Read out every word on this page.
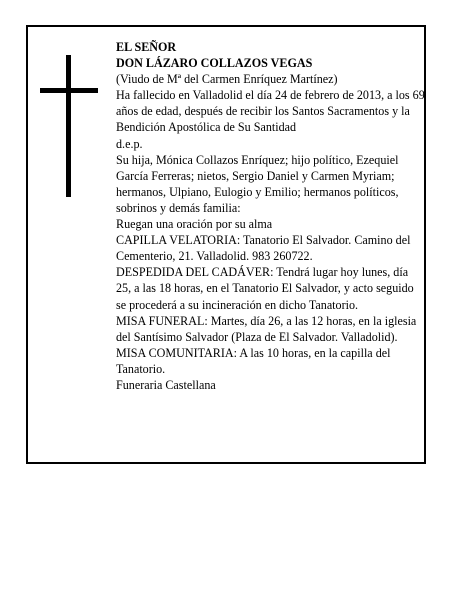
EL SEÑOR

DON LÁZARO COLLAZOS VEGAS

(Viudo de Mª del Carmen Enríquez Martínez)

Ha fallecido en Valladolid el día 24 de febrero de 2013, a los 69 años de edad, después de recibir los Santos Sacramentos y la Bendición Apostólica de Su Santidad

d.e.p.

Su hija, Mónica Collazos Enríquez; hijo político, Ezequiel García Ferreras; nietos, Sergio Daniel y Carmen Myriam; hermanos, Ulpiano, Eulogio y Emilio; hermanos políticos, sobrinos y demás familia:

Ruegan una oración por su alma

CAPILLA VELATORIA: Tanatorio El Salvador. Camino del Cementerio, 21. Valladolid. 983 260722.

DESPEDIDA DEL CADÁVER: Tendrá lugar hoy lunes, día 25, a las 18 horas, en el Tanatorio El Salvador, y acto seguido se procederá a su incineración en dicho Tanatorio.

MISA FUNERAL: Martes, día 26, a las 12 horas, en la iglesia del Santísimo Salvador (Plaza de El Salvador. Valladolid).

MISA COMUNITARIA: A las 10 horas, en la capilla del Tanatorio.

Funeraria Castellana
